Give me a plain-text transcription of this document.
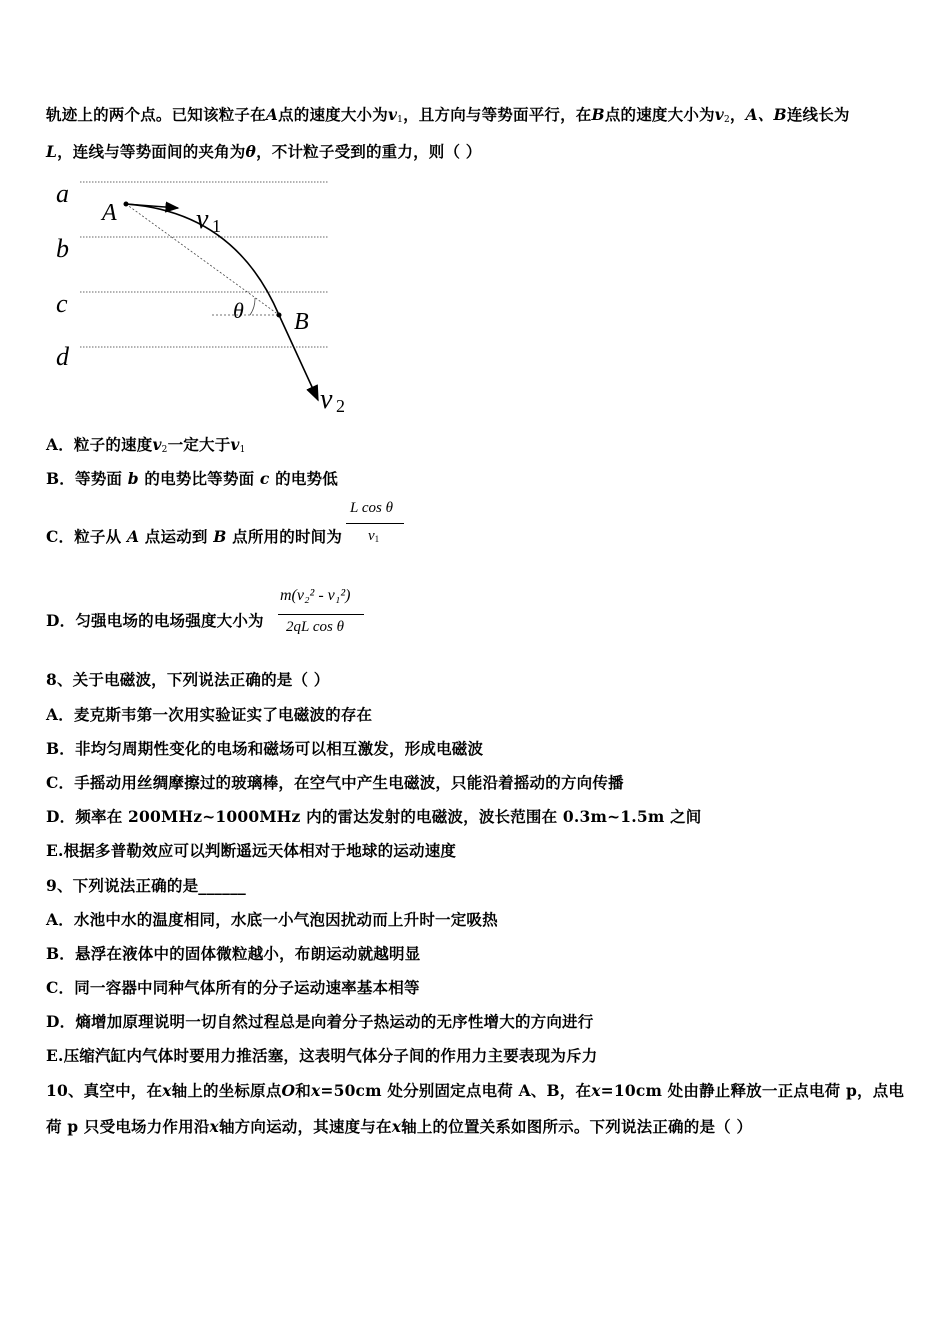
轨迹上的两个点。已知该粒子在A点的速度大小为$v_1$，且方向与等势面平行，在B点的速度大小为$v_2$，A、B连线长为
L，连线与等势面间的夹角为θ，不计粒子受到的重力，则（ ）
a
b
c
d
A
B
θ
v 1
v 2
A．粒子的速度$v_2$一定大于$v_1$
B．等势面 b 的电势比等势面 c 的电势低
C．粒子从 A 点运动到 B 点所用的时间为
L cos θ
$v_1$
D．匀强电场的电场强度大小为
m(v₂² - v₁²)
2qL cos θ
8、关于电磁波，下列说法正确的是（ ）
A．麦克斯韦第一次用实验证实了电磁波的存在
B．非均匀周期性变化的电场和磁场可以相互激发，形成电磁波
C．手摇动用丝绸摩擦过的玻璃棒，在空气中产生电磁波，只能沿着摇动的方向传播
D．频率在 200MHz~1000MHz 内的雷达发射的电磁波，波长范围在 0.3m~1.5m 之间
E.根据多普勒效应可以判断遥远天体相对于地球的运动速度
9、下列说法正确的是______
A．水池中水的温度相同，水底一小气泡因扰动而上升时一定吸热
B．悬浮在液体中的固体微粒越小，布朗运动就越明显
C．同一容器中同种气体所有的分子运动速率基本相等
D．熵增加原理说明一切自然过程总是向着分子热运动的无序性增大的方向进行
E.压缩汽缸内气体时要用力推活塞，这表明气体分子间的作用力主要表现为斥力
10、真空中，在x轴上的坐标原点O和x=50cm 处分别固定点电荷 A、B，在x=10cm 处由静止释放一正点电荷 p，点电
荷 p 只受电场力作用沿x轴方向运动，其速度与在x轴上的位置关系如图所示。下列说法正确的是（ ）
